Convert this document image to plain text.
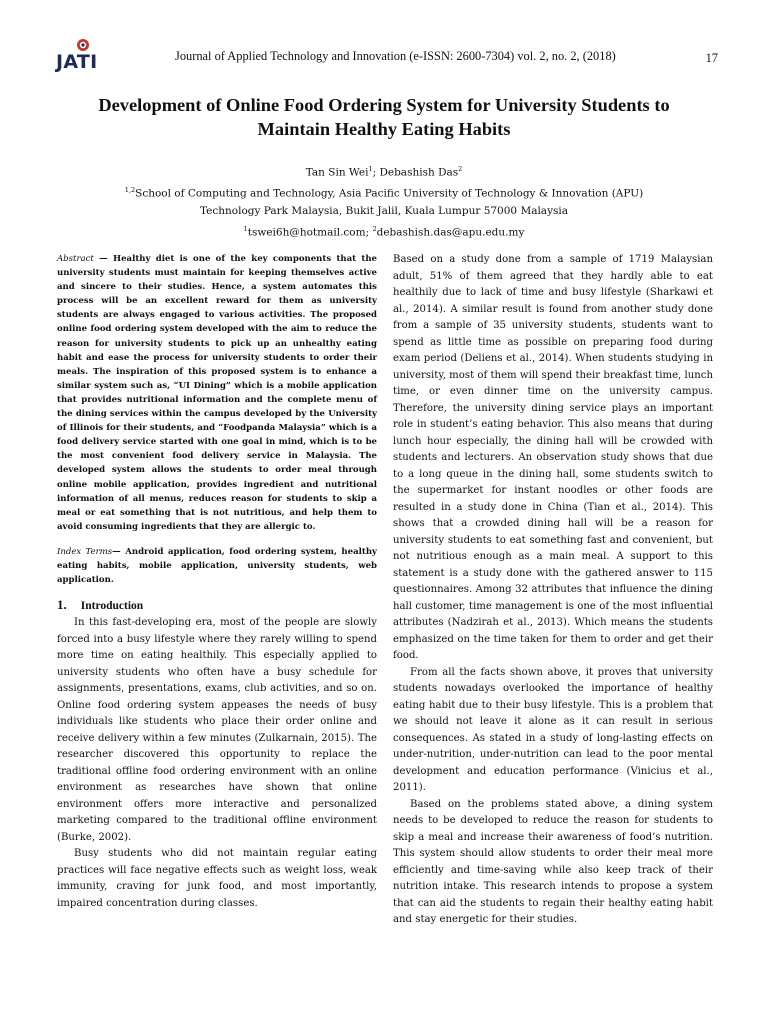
JATI	Journal of Applied Technology and Innovation (e-ISSN: 2600-7304) vol. 2, no. 2, (2018)	17
Development of Online Food Ordering System for University Students to Maintain Healthy Eating Habits
Tan Sin Wei$^1$; Debashish Das$^2$
$^{1,2}$School of Computing and Technology, Asia Pacific University of Technology & Innovation (APU)
Technology Park Malaysia, Bukit Jalil, Kuala Lumpur 57000 Malaysia
$^1$tswei6h@hotmail.com; $^2$debashish.das@apu.edu.my

Abstract — Healthy diet is one of the key components that the university students must maintain for keeping themselves active and sincere to their studies. Hence, a system automates this process will be an excellent reward for them as university students are always engaged to various activities. The proposed online food ordering system developed with the aim to reduce the reason for university students to pick up an unhealthy eating habit and ease the process for university students to order their meals. The inspiration of this proposed system is to enhance a similar system such as, “UI Dining” which is a mobile application that provides nutritional information and the complete menu of the dining services within the campus developed by the University of Illinois for their students, and “Foodpanda Malaysia” which is a food delivery service started with one goal in mind, which is to be the most convenient food delivery service in Malaysia. The developed system allows the students to order meal through online mobile application, provides ingredient and nutritional information of all menus, reduces reason for students to skip a meal or eat something that is not nutritious, and help them to avoid consuming ingredients that they are allergic to.

Index Terms— Android application, food ordering system, healthy eating habits, mobile application, university students, web application.

1. Introduction

In this fast-developing era, most of the people are slowly forced into a busy lifestyle where they rarely willing to spend more time on eating healthily. This especially applied to university students who often have a busy schedule for assignments, presentations, exams, club activities, and so on. Online food ordering system appeases the needs of busy individuals like students who place their order online and receive delivery within a few minutes (Zulkarnain, 2015). The researcher discovered this opportunity to replace the traditional offline food ordering environment with an online environment as researches have shown that online environment offers more interactive and personalized marketing compared to the traditional offline environment (Burke, 2002).

Busy students who did not maintain regular eating practices will face negative effects such as weight loss, weak immunity, craving for junk food, and most importantly, impaired concentration during classes.

Based on a study done from a sample of 1719 Malaysian adult, 51% of them agreed that they hardly able to eat healthily due to lack of time and busy lifestyle (Sharkawi et al., 2014). A similar result is found from another study done from a sample of 35 university students, students want to spend as little time as possible on preparing food during exam period (Deliens et al., 2014). When students studying in university, most of them will spend their breakfast time, lunch time, or even dinner time on the university campus. Therefore, the university dining service plays an important role in student’s eating behavior. This also means that during lunch hour especially, the dining hall will be crowded with students and lecturers. An observation study shows that due to a long queue in the dining hall, some students switch to the supermarket for instant noodles or other foods are resulted in a study done in China (Tian et al., 2014). This shows that a crowded dining hall will be a reason for university students to eat something fast and convenient, but not nutritious enough as a main meal. A support to this statement is a study done with the gathered answer to 115 questionnaires. Among 32 attributes that influence the dining hall customer, time management is one of the most influential attributes (Nadzirah et al., 2013). Which means the students emphasized on the time taken for them to order and get their food.

From all the facts shown above, it proves that university students nowadays overlooked the importance of healthy eating habit due to their busy lifestyle. This is a problem that we should not leave it alone as it can result in serious consequences. As stated in a study of long-lasting effects on under-nutrition, under-nutrition can lead to the poor mental development and education performance (Vinicius et al., 2011).

Based on the problems stated above, a dining system needs to be developed to reduce the reason for students to skip a meal and increase their awareness of food’s nutrition. This system should allow students to order their meal more efficiently and time-saving while also keep track of their nutrition intake. This research intends to propose a system that can aid the students to regain their healthy eating habit and stay energetic for their studies.
